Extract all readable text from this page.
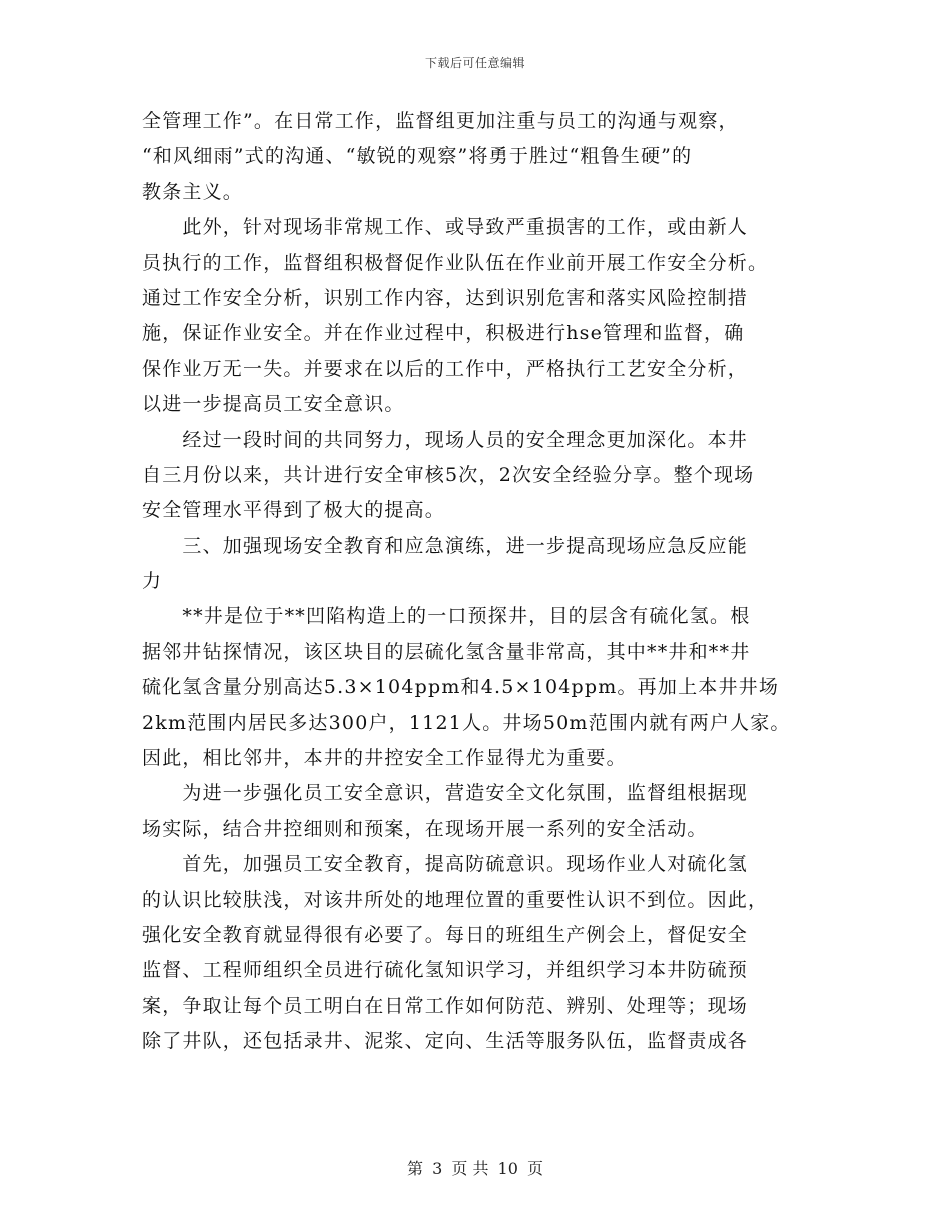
下载后可任意编辑
全管理工作”。在日常工作，监督组更加注重与员工的沟通与观察，
“和风细雨”式的沟通、“敏锐的观察”将勇于胜过“粗鲁生硬”的
教条主义。
　　此外，针对现场非常规工作、或导致严重损害的工作，或由新人
员执行的工作，监督组积极督促作业队伍在作业前开展工作安全分析。
通过工作安全分析，识别工作内容，达到识别危害和落实风险控制措
施，保证作业安全。并在作业过程中，积极进行hse管理和监督，确
保作业万无一失。并要求在以后的工作中，严格执行工艺安全分析，
以进一步提高员工安全意识。
　　经过一段时间的共同努力，现场人员的安全理念更加深化。本井
自三月份以来，共计进行安全审核5次，2次安全经验分享。整个现场
安全管理水平得到了极大的提高。
　　三、加强现场安全教育和应急演练，进一步提高现场应急反应能
力
　　**井是位于**凹陷构造上的一口预探井，目的层含有硫化氢。根
据邻井钻探情况，该区块目的层硫化氢含量非常高，其中**井和**井
硫化氢含量分别高达5.3×104ppm和4.5×104ppm。再加上本井井场
2km范围内居民多达300户，1121人。井场50m范围内就有两户人家。
因此，相比邻井，本井的井控安全工作显得尤为重要。
　　为进一步强化员工安全意识，营造安全文化氛围，监督组根据现
场实际，结合井控细则和预案，在现场开展一系列的安全活动。
　　首先，加强员工安全教育，提高防硫意识。现场作业人对硫化氢
的认识比较肤浅，对该井所处的地理位置的重要性认识不到位。因此，
强化安全教育就显得很有必要了。每日的班组生产例会上，督促安全
监督、工程师组织全员进行硫化氢知识学习，并组织学习本井防硫预
案，争取让每个员工明白在日常工作如何防范、辨别、处理等；现场
除了井队，还包括录井、泥浆、定向、生活等服务队伍，监督责成各
第 3 页 共 10 页
